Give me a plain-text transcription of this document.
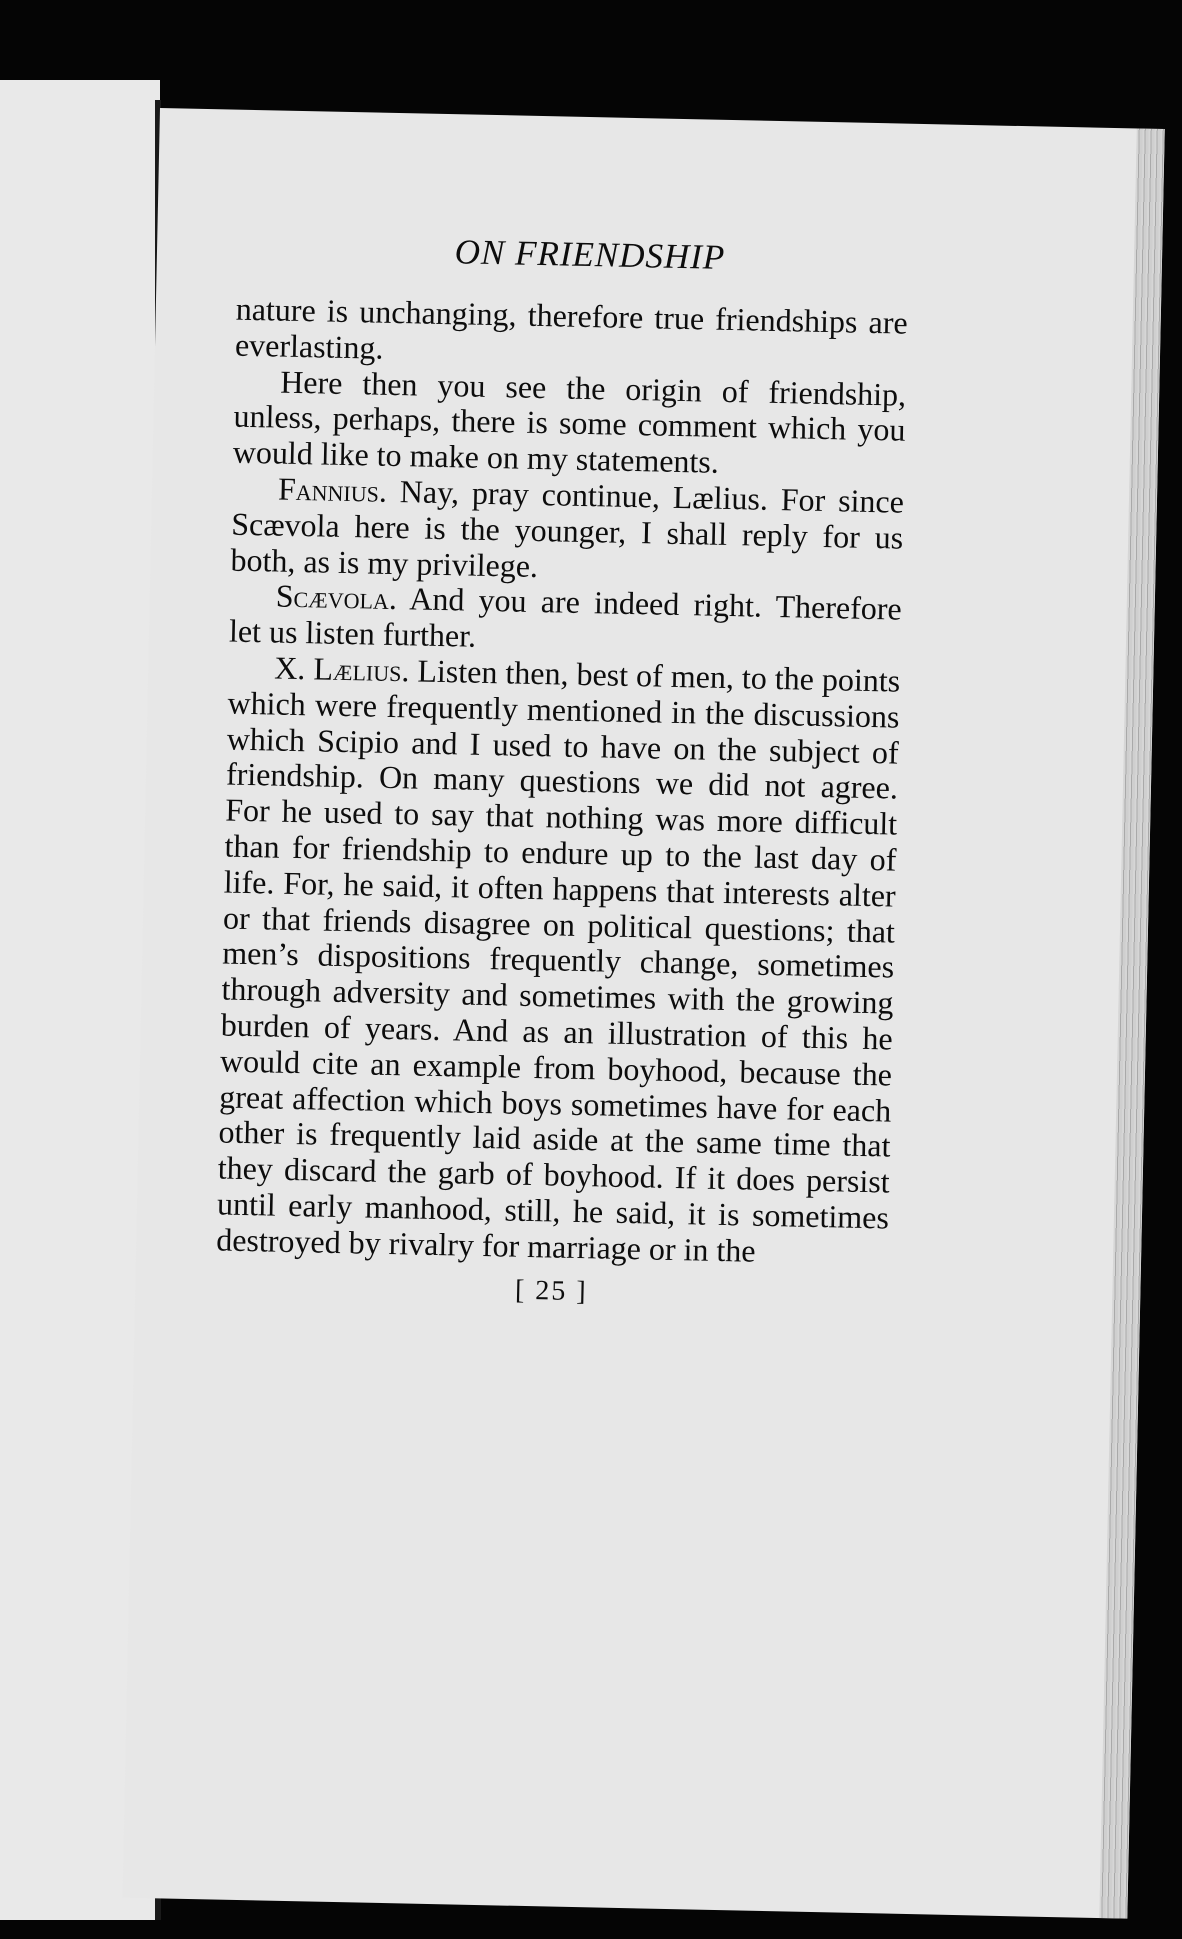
ON FRIENDSHIP

nature is unchanging, therefore true friendships are everlasting.

Here then you see the origin of friendship, unless, perhaps, there is some comment which you would like to make on my statements.

Fannius. Nay, pray continue, Lælius. For since Scævola here is the younger, I shall reply for us both, as is my privilege.

Scævola. And you are indeed right. Therefore let us listen further.

X. Lælius. Listen then, best of men, to the points which were frequently mentioned in the discussions which Scipio and I used to have on the subject of friendship. On many questions we did not agree. For he used to say that nothing was more difficult than for friendship to endure up to the last day of life. For, he said, it often happens that interests alter or that friends disagree on political questions; that men’s dispositions frequently change, sometimes through adversity and sometimes with the growing burden of years. And as an illustration of this he would cite an example from boyhood, because the great affection which boys sometimes have for each other is frequently laid aside at the same time that they discard the garb of boyhood. If it does persist until early manhood, still, he said, it is sometimes destroyed by rivalry for marriage or in the

[ 25 ]
